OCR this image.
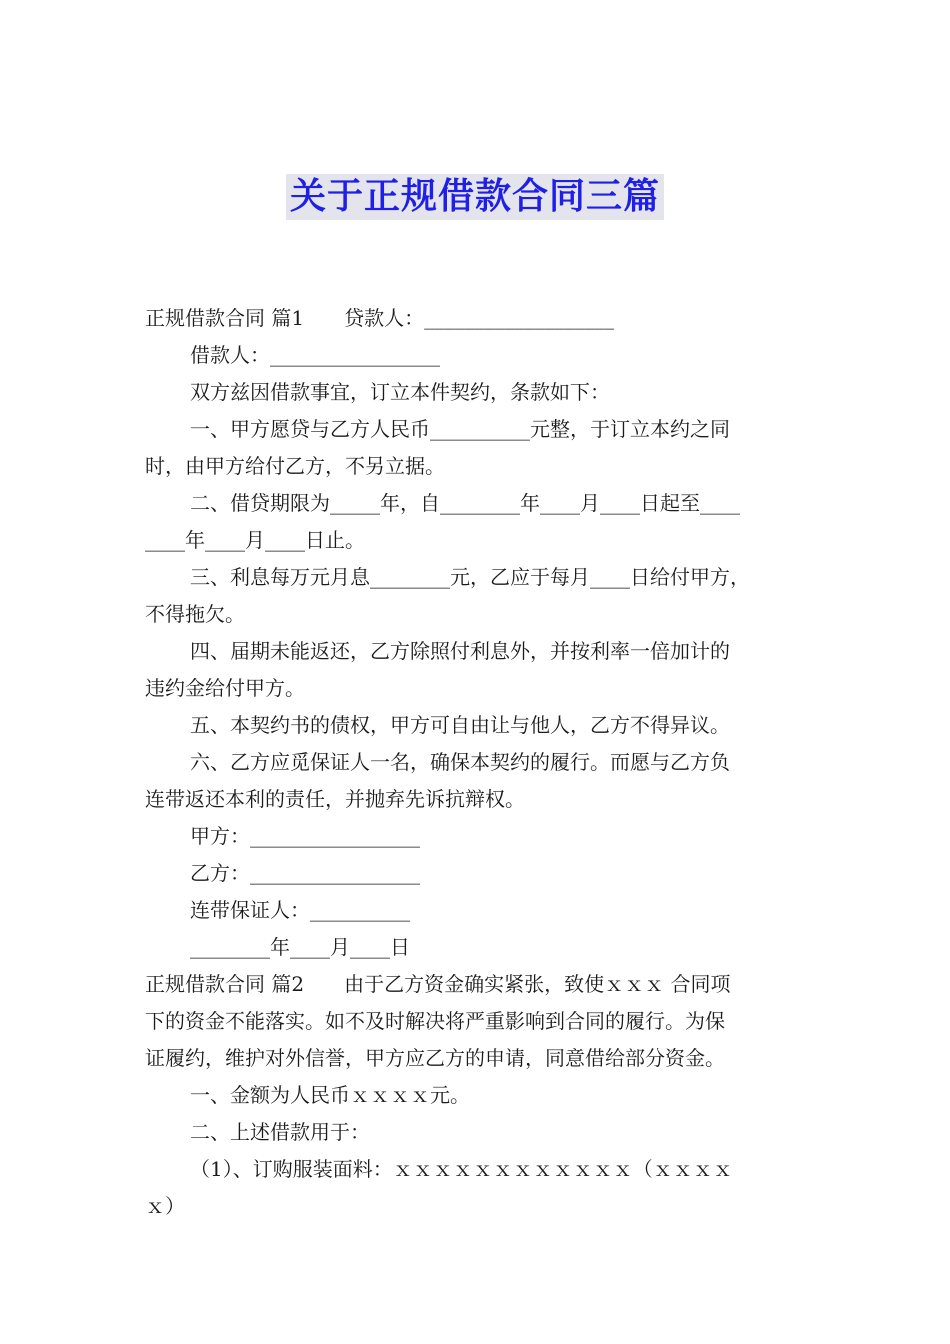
关于正规借款合同三篇
正规借款合同 篇1　　贷款人：___________________
借款人：_________________
双方兹因借款事宜，订立本件契约，条款如下：
一、甲方愿贷与乙方人民币__________元整，于订立本约之同
时，由甲方给付乙方，不另立据。
二、借贷期限为_____年，自________年____月____日起至____
____年____月____日止。
三、利息每万元月息________元，乙应于每月____日给付甲方，
不得拖欠。
四、届期未能返还，乙方除照付利息外，并按利率一倍加计的
违约金给付甲方。
五、本契约书的债权，甲方可自由让与他人，乙方不得异议。
六、乙方应觅保证人一名，确保本契约的履行。而愿与乙方负
连带返还本利的责任，并抛弃先诉抗辩权。
甲方：_________________
乙方：_________________
连带保证人：__________
________年____月____日
正规借款合同 篇2　　由于乙方资金确实紧张，致使ｘｘｘ 合同项
下的资金不能落实。如不及时解决将严重影响到合同的履行。为保
证履约，维护对外信誉，甲方应乙方的申请，同意借给部分资金。
一、金额为人民币ｘｘｘｘ元。
二、上述借款用于：
（1）、订购服装面料：ｘｘｘｘｘｘｘｘｘｘｘｘ（ｘｘｘｘ
ｘ）
